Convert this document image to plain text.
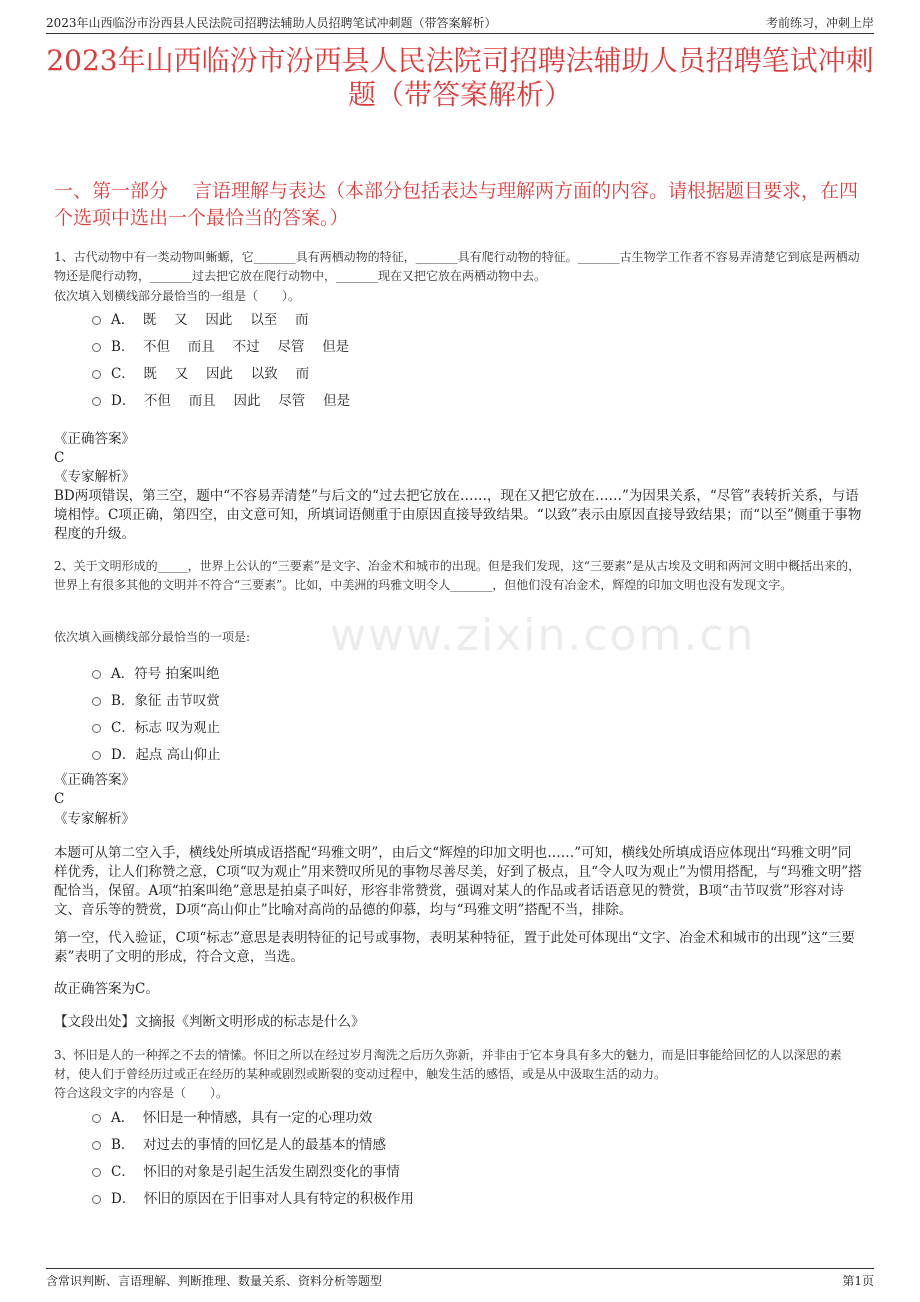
2023年山西临汾市汾西县人民法院司招聘法辅助人员招聘笔试冲刺题（带答案解析）	考前练习，冲刺上岸
2023年山西临汾市汾西县人民法院司招聘法辅助人员招聘笔试冲刺题（带答案解析）
一、第一部分　 言语理解与表达（本部分包括表达与理解两方面的内容。请根据题目要求，在四个选项中选出一个最恰当的答案。）
www.zixin.com.cn
1、古代动物中有一类动物叫蜥螈，它_______具有两栖动物的特征，_______具有爬行动物的特征。_______古生物学工作者不容易弄清楚它到底是两栖动物还是爬行动物，_______过去把它放在爬行动物中，_______现在又把它放在两栖动物中去。
依次填入划横线部分最恰当的一组是（　　）。
A．  既　 又　 因此　 以至　 而
B．  不但　 而且　 不过　 尽管　 但是
C．  既　 又　 因此　 以致　 而
D．  不但　 而且　 因此　 尽管　 但是
《正确答案》
C
《专家解析》
BD两项错误，第三空，题中“不容易弄清楚”与后文的“过去把它放在……，现在又把它放在……”为因果关系，“尽管”表转折关系，与语境相悖。C项正确，第四空，由文意可知，所填词语侧重于由原因直接导致结果。“以致”表示由原因直接导致结果；而“以至”侧重于事物程度的升级。
2、关于文明形成的_____，世界上公认的“三要素”是文字、冶金术和城市的出现。但是我们发现，这“三要素”是从古埃及文明和两河文明中概括出来的，世界上有很多其他的文明并不符合“三要素”。比如，中美洲的玛雅文明令人_______，但他们没有冶金术，辉煌的印加文明也没有发现文字。
依次填入画横线部分最恰当的一项是:
A．符号 拍案叫绝
B．象征 击节叹赏
C．标志 叹为观止
D．起点 高山仰止
《正确答案》
C
《专家解析》
本题可从第二空入手，横线处所填成语搭配“玛雅文明”，由后文“辉煌的印加文明也……”可知，横线处所填成语应体现出“玛雅文明”同样优秀，让人们称赞之意，C项“叹为观止”用来赞叹所见的事物尽善尽美，好到了极点，且“令人叹为观止”为惯用搭配，与“玛雅文明”搭配恰当，保留。A项“拍案叫绝”意思是拍桌子叫好，形容非常赞赏，强调对某人的作品或者话语意见的赞赏，B项“击节叹赏”形容对诗文、音乐等的赞赏，D项“高山仰止”比喻对高尚的品德的仰慕，均与“玛雅文明”搭配不当，排除。
第一空，代入验证，C项“标志”意思是表明特征的记号或事物，表明某种特征，置于此处可体现出“文字、冶金术和城市的出现”这“三要素”表明了文明的形成，符合文意，当选。
故正确答案为C。
【文段出处】文摘报《判断文明形成的标志是什么》
3、怀旧是人的一种挥之不去的情愫。怀旧之所以在经过岁月淘洗之后历久弥新，并非由于它本身具有多大的魅力，而是旧事能给回忆的人以深思的素材，使人们于曾经历过或正在经历的某种或剧烈或断裂的变动过程中，触发生活的感悟，或是从中汲取生活的动力。
符合这段文字的内容是（　　）。
A．  怀旧是一种情感，具有一定的心理功效
B．  对过去的事情的回忆是人的最基本的情感
C．  怀旧的对象是引起生活发生剧烈变化的事情
D．  怀旧的原因在于旧事对人具有特定的积极作用
含常识判断、言语理解、判断推理、数量关系、资料分析等题型	第1页
